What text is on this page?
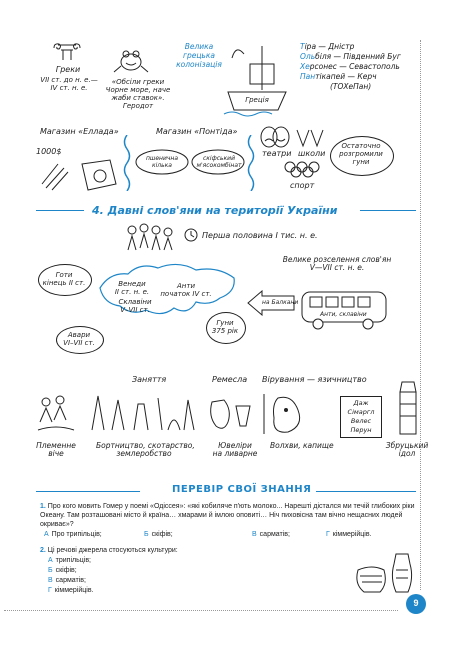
Греки
VII ст. до н. е.—
IV ст. н. е.
«Обсіли греки
Чорне море, наче
жаби ставок».
Геродот
Велика
грецька
колонізація
Греція
Тіра — Дністр
Ольбіля — Південний Буг
Херсонес — Севастополь
Пантікапей — Керч
(ТОХеПан)
Магазин «Еллада»	Магазин «Понтіда»
1000$
пшенична
кілька
скіфський
м'ясокомбінат
театри школи
спорт
Остаточно
розгромили
гуни
4. Давні слов'яни на території України
Перша половина I тис. н. е.
Готи
кінець II ст.	Венеди
II ст. н. е.
Анти
початок IV ст.
Склавіни
V–VII ст.
Авари
VI–VII ст.
Гуни
375 рік
Велике розселення слов'ян
V—VII ст. н. е.
на Балкани
Анти, склавіни
Заняття	Ремесла Вірування — язичництво
Даж
Сімаргл
Велес
Перун
Племенне
віче
Бортництво, скотарство,
землеробство
Ювеліри
на ливарне
Волхви, капище	Збруцький
ідол
ПЕРЕВІР СВОЇ ЗНАННЯ
1. Про кого мовить Гомер у поемі «Одіссея»: «які кобилячe п'ють молоко... Нарешті дістался ми течій глибоких ріки Океану. Там розташовані місто й країна… хмарами й імлою оповиті… Ніч пиховісна там вічно нещасних людей окриває»?
А Про трипільців;	Б скіфів;	В сарматів;	Г кіммерійців.
2. Ці речові джерела стосуються культури:
А трипільців;
Б скіфів;
В сарматів;
Г кіммерійців.
9
